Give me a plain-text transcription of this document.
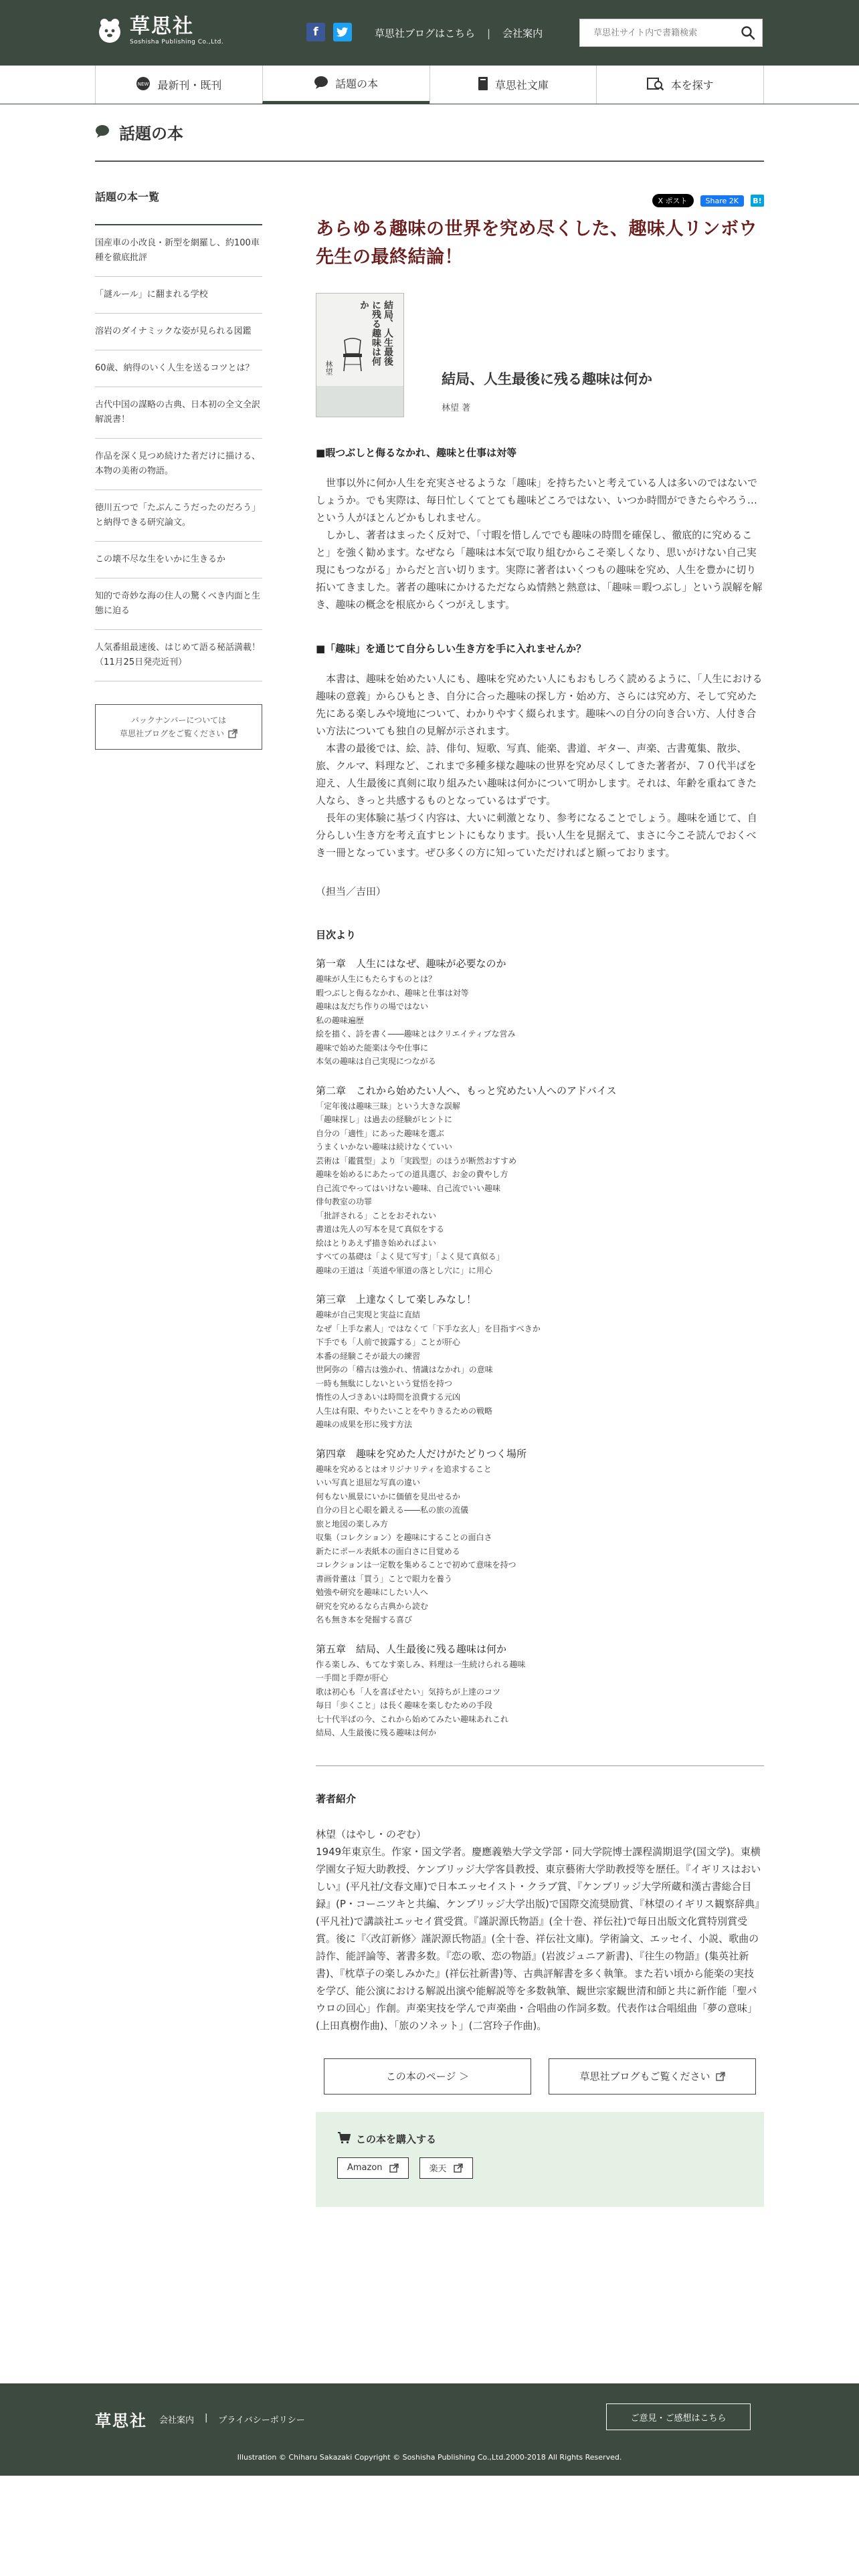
草思社
Soshisha Publishing Co.,Ltd.
f	草思社ブログはこちら | 会社案内
草思社サイト内で書籍検索
NEW 最新刊・既刊	話題の本	草思社文庫	本を探す
話題の本
話題の本一覧
国産車の小改良・新型を網羅し、約100車種を徹底批評
「謎ルール」に翻まれる学校
溶岩のダイナミックな姿が見られる図鑑
60歳、納得のいく人生を送るコツとは？
古代中国の謀略の古典、日本初の全文全訳解説書！
作品を深く見つめ続けた者だけに描ける、本物の美術の物語。
徳川五つで「たぶんこうだったのだろう」と納得できる研究論文。
この壊不尽な生をいかに生きるか
知的で奇妙な海の住人の驚くべき内面と生態に迫る
人気番組最速後、はじめて語る秘話満載！（11月25日発売近刊）
バックナンバーについては
草思社ブログをご覧ください
X ポスト	Share 2K	B!
あらゆる趣味の世界を究め尽くした、趣味人リンボウ先生の最終結論！
結局、人生最後に残る趣味は何か
林望
結局、人生最後に残る趣味は何か
林望 著
■暇つぶしと侮るなかれ、趣味と仕事は対等

世事以外に何か人生を充実させるような「趣味」を持ちたいと考えている人は多いのではないでしょうか。でも実際は、毎日忙しくてとても趣味どころではない、いつか時間ができたらやろう…という人がほとんどかもしれません。

しかし、著者はまったく反対で、「寸暇を惜しんででも趣味の時間を確保し、徹底的に究めること」を強く勧めます。なぜなら「趣味は本気で取り組むからこそ楽しくなり、思いがけない自己実現にもつながる」からだと言い切ります。実際に著者はいくつもの趣味を究め、人生を豊かに切り拓いてきました。著者の趣味にかけるただならぬ情熱と熱意は、「趣味＝暇つぶし」という誤解を解き、趣味の概念を根底からくつがえします。

■「趣味」を通じて自分らしい生き方を手に入れませんか？

本書は、趣味を始めたい人にも、趣味を究めたい人にもおもしろく読めるように、「人生における趣味の意義」からひもとき、自分に合った趣味の探し方・始め方、さらには究め方、そして究めた先にある楽しみや境地について、わかりやすく綴られます。趣味への自分の向き合い方、人付き合い方法についても独自の見解が示されます。

本書の最後では、絵、詩、俳句、短歌、写真、能楽、書道、ギター、声楽、古書蒐集、散歩、旅、クルマ、料理など、これまで多種多様な趣味の世界を究め尽くしてきた著者が、７０代半ばを迎え、人生最後に真剣に取り組みたい趣味は何かについて明かします。それは、年齢を重ねてきた人なら、きっと共感するものとなっているはずです。

長年の実体験に基づく内容は、大いに刺激となり、参考になることでしょう。趣味を通じて、自分らしい生き方を考え直すヒントにもなります。長い人生を見据えて、まさに今こそ読んでおくべき一冊となっています。ぜひ多くの方に知っていただければと願っております。

（担当／吉田）
目次より
第一章　人生にはなぜ、趣味が必要なのか
趣味が人生にもたらすものとは？
暇つぶしと侮るなかれ、趣味と仕事は対等
趣味は友だち作りの場ではない
私の趣味遍歴
絵を描く、詩を書く――趣味とはクリエイティブな営み
趣味で始めた能楽は今や仕事に
本気の趣味は自己実現につながる
第二章　これから始めたい人へ、もっと究めたい人へのアドバイス
「定年後は趣味三昧」という大きな誤解
「趣味探し」は過去の経験がヒントに
自分の「適性」にあった趣味を選ぶ
うまくいかない趣味は続けなくていい
芸術は「鑑賞型」より「実践型」のほうが断然おすすめ
趣味を始めるにあたっての道具選び、お金の費やし方
自己流でやってはいけない趣味、自己流でいい趣味
俳句教室の功罪
「批評される」ことをおそれない
書道は先人の写本を見て真似をする
絵はとりあえず描き始めればよい
すべての基礎は「よく見て写す」「よく見て真似る」
趣味の王道は「英道や軍道の落とし穴に」に用心
第三章　上達なくして楽しみなし！
趣味が自己実現と実益に直結
なぜ「上手な素人」ではなくて「下手な玄人」を目指すべきか
下手でも「人前で披露する」ことが肝心
本番の経験こそが最大の練習
世阿弥の「稽古は強かれ、情識はなかれ」の意味
一時も無駄にしないという覚悟を持つ
惰性の人づきあいは時間を浪費する元凶
人生は有限、やりたいことをやりきるための戦略
趣味の成果を形に残す方法
第四章　趣味を究めた人だけがたどりつく場所
趣味を究めるとはオリジナリティを追求すること
いい写真と退屈な写真の違い
何もない風景にいかに価値を見出せるか
自分の目と心眼を鍛える――私の旅の流儀
旅と地図の楽しみ方
収集（コレクション）を趣味にすることの面白さ
新たにポール表紙本の面白さに目覚める
コレクションは一定数を集めることで初めて意味を持つ
書画骨董は「買う」ことで眼力を養う
勉強や研究を趣味にしたい人へ
研究を究めるなら古典から読む
名も無き本を発掘する喜び
第五章　結局、人生最後に残る趣味は何か
作る楽しみ、もてなす楽しみ、料理は一生続けられる趣味
一手間と手際が肝心
歌は初心も「人を喜ばせたい」気持ちが上達のコツ
毎日「歩くこと」は長く趣味を楽しむための手段
七十代半ばの今、これから始めてみたい趣味あれこれ
結局、人生最後に残る趣味は何か
著者紹介
林望（はやし・のぞむ）

1949年東京生。作家・国文学者。慶應義塾大学文学部・同大学院博士課程満期退学(国文学)。東横学園女子短大助教授、ケンブリッジ大学客員教授、東京藝術大学助教授等を歴任。『イギリスはおいしい』(平凡社/文春文庫)で日本エッセイスト・クラブ賞、『ケンブリッジ大学所蔵和漢古書総合目録』(P・コーニツキと共編、ケンブリッジ大学出版)で国際交流奨励賞、『林望のイギリス観察辞典』(平凡社)で講談社エッセイ賞受賞。『謹訳源氏物語』(全十巻、祥伝社)で毎日出版文化賞特別賞受賞。後に『〈改訂新修〉謹訳源氏物語』(全十巻、祥伝社文庫)。学術論文、エッセイ、小説、歌曲の詩作、能評論等、著書多数。『恋の歌、恋の物語』(岩波ジュニア新書)、『往生の物語』(集英社新書)、『枕草子の楽しみかた』(祥伝社新書)等、古典評解書を多く執筆。また若い頃から能楽の実技を学び、能公演における解説出演や能解説等を多数執筆、観世宗家観世清和師と共に新作能「聖パウロの回心」作創。声楽実技を学んで声楽曲・合唱曲の作詞多数。代表作は合唱組曲「夢の意味」(上田真樹作曲)、「旅のソネット」(二宮玲子作曲)。

この本のページ ＞	草思社ブログもご覧ください
この本を購入する
Amazon	楽天
草思社 会社案内 | プライバシーポリシー	ご意見・ご感想はこちら
Illustration © Chiharu Sakazaki Copyright © Soshisha Publishing Co.,Ltd.2000-2018 All Rights Reserved.
